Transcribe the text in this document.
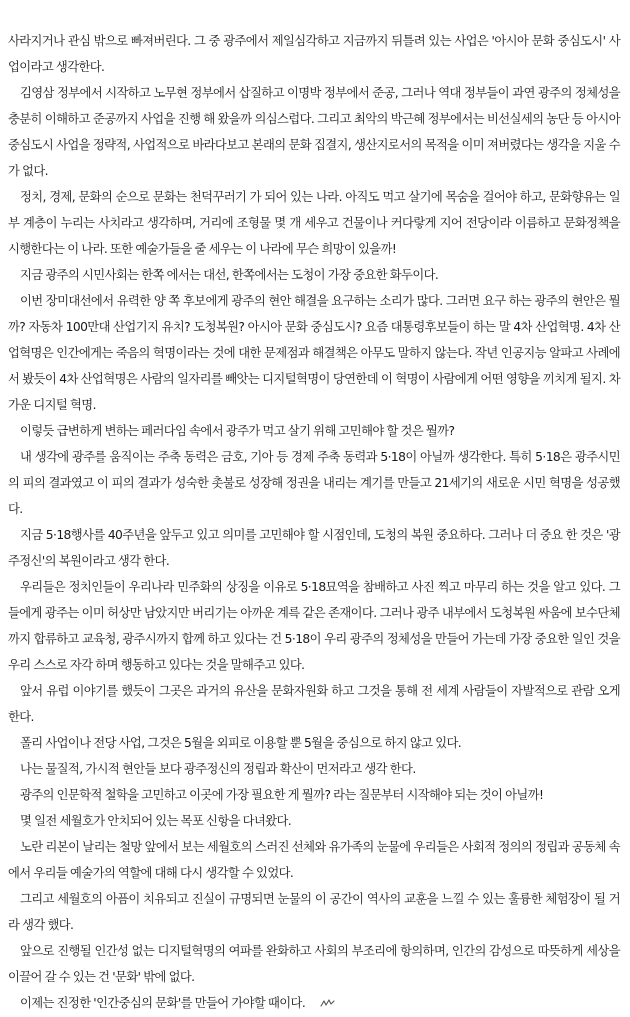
사라지거나 관심 밖으로 빠져버린다. 그 중 광주에서 제일심각하고 지금까지 뒤틀려 있는 사업은 '아시아 문화 중심도시' 사업이라고 생각한다.

김영삼 정부에서 시작하고 노무현 정부에서 삽질하고 이명박 정부에서 준공, 그러나 역대 정부들이 과연 광주의 정체성을 충분히 이해하고 준공까지 사업을 진행 해 왔을까 의심스럽다. 그리고 최악의 박근혜 정부에서는 비선실세의 농단 등 아시아 중심도시 사업을 정략적, 사업적으로 바라다보고 본래의 문화 집결지, 생산지로서의 목적을 이미 져버렸다는 생각을 지울 수가 없다.

정치, 경제, 문화의 순으로 문화는 천덕꾸러기 가 되어 있는 나라. 아직도 먹고 살기에 목숨을 걸어야 하고, 문화향유는 일부 계층이 누리는 사치라고 생각하며, 거리에 조형물 몇 개 세우고 건물이나 커다랗게 지어 전당이라 이름하고 문화정책을 시행한다는 이 나라. 또한 예술가들을 줄 세우는 이 나라에 무슨 희망이 있을까!

지금 광주의 시민사회는 한쪽 에서는 대선, 한쪽에서는 도청이 가장 중요한 화두이다.

이번 장미대선에서 유력한 양 쪽 후보에게 광주의 현안 해결을 요구하는 소리가 많다. 그러면 요구 하는 광주의 현안은 뭘까? 자동차 100만대 산업기지 유치? 도청복원? 아시아 문화 중심도시? 요즘 대통령후보들이 하는 말 4차 산업혁명. 4차 산업혁명은 인간에게는 죽음의 혁명이라는 것에 대한 문제점과 해결책은 아무도 말하지 않는다. 작년 인공지능 알파고 사례에서 봤듯이 4차 산업혁명은 사람의 일자리를 빼앗는 디지털혁명이 당연한데 이 혁명이 사람에게 어떤 영향을 끼치게 될지. 차가운 디지털 혁명.

이렇듯 급변하게 변하는 페러다임 속에서 광주가 먹고 살기 위해 고민해야 할 것은 뭘까?

내 생각에 광주를 움직이는 주축 동력은 금호, 기아 등 경제 주축 동력과 5·18이 아닐까 생각한다. 특히 5·18은 광주시민의 피의 결과였고 이 피의 결과가 성숙한 촛불로 성장해 정권을 내리는 계기를 만들고 21세기의 새로운 시민 혁명을 성공했다.

지금 5·18행사를 40주년을 앞두고 있고 의미를 고민해야 할 시점인데, 도청의 복원 중요하다. 그러나 더 중요 한 것은 '광주정신'의 복원이라고 생각 한다.

우리들은 정치인들이 우리나라 민주화의 상징을 이유로 5·18묘역을 참배하고 사진 찍고 마무리 하는 것을 알고 있다. 그들에게 광주는 이미 허상만 남았지만 버리기는 아까운 계륵 같은 존재이다. 그러나 광주 내부에서 도청복원 싸움에 보수단체까지 합류하고 교육청, 광주시까지 합께 하고 있다는 건 5·18이 우리 광주의 정체성을 만들어 가는데 가장 중요한 일인 것을 우리 스스로 자각 하며 행동하고 있다는 것을 말해주고 있다.

앞서 유럽 이야기를 했듯이 그곳은 과거의 유산을 문화자원화 하고 그것을 통해 전 세계 사람들이 자발적으로 관람 오게 한다.

폴리 사업이나 전당 사업, 그것은 5월을 외피로 이용할 뿐 5월을 중심으로 하지 않고 있다.

나는 물질적, 가시적 현안들 보다 광주정신의 정립과 확산이 먼저라고 생각 한다.

광주의 인문학적 철학을 고민하고 이곳에 가장 필요한 게 뭘까? 라는 질문부터 시작해야 되는 것이 아닐까!

몇 일전 세월호가 안치되어 있는 목포 신항을 다녀왔다.

노란 리본이 날리는 철망 앞에서 보는 세월호의 스러진 선체와 유가족의 눈물에 우리들은 사회적 정의의 정립과 공동체 속에서 우리들 예술가의 역할에 대해 다시 생각할 수 있었다.

그리고 세월호의 아픔이 치유되고 진실이 규명되면 눈물의 이 공간이 역사의 교훈을 느낄 수 있는 훌륭한 체험장이 될 거라 생각 했다.

앞으로 진행될 인간성 없는 디지털혁명의 여파를 완화하고 사회의 부조리에 항의하며, 인간의 감성으로 따뜻하게 세상을 이끌어 갈 수 있는 건 '문화' 밖에 없다.

이제는 진정한 '인간중심의 문화'를 만들어 가야할 때이다.
